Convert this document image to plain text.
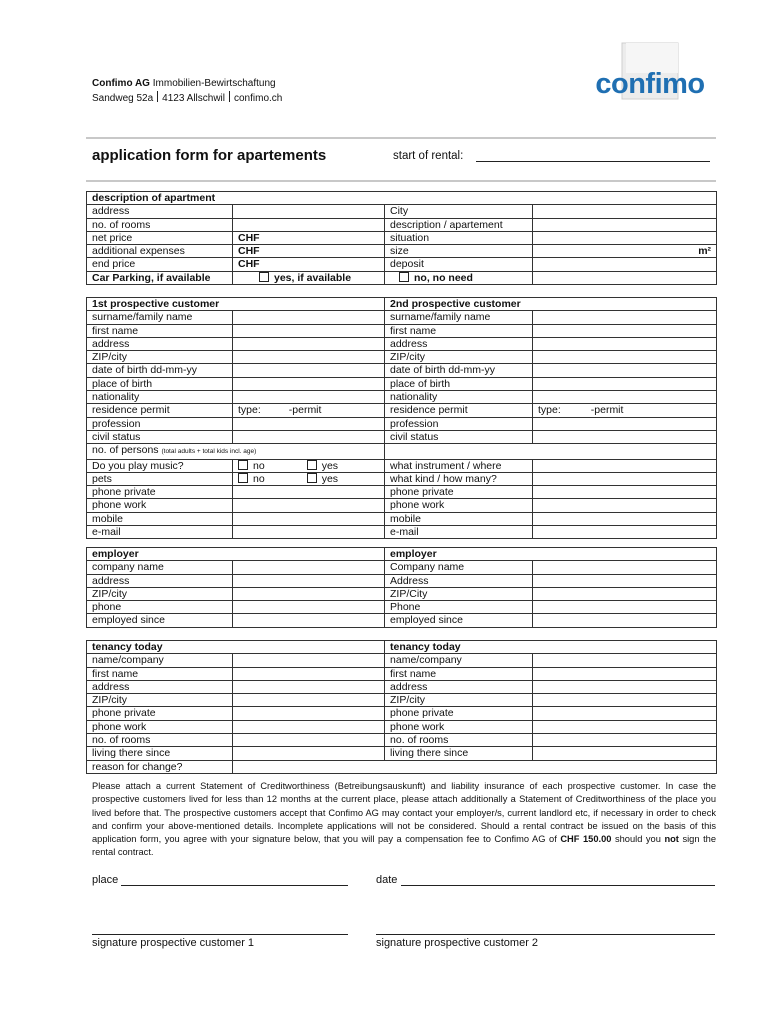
Confimo AG Immobilien-Bewirtschaftung
Sandweg 52a 4123 Allschwil confimo.ch	confimo
application form for apartements	start of rental:
description of apartment			
address		City	
no. of rooms		description / apartement	
net price	CHF	situation	
additional expenses	CHF	size	m²
end price	CHF	deposit	
Car Parking, if available	yes, if available	no, no need	
1st prospective customer		2nd prospective customer	
surname/family name		surname/family name	
first name		first name	
address		address	
ZIP/city		ZIP/city	
date of birth dd-mm-yy		date of birth dd-mm-yy	
place of birth		place of birth	
nationality		nationality	
residence permit	type: -permit	residence permit	type: -permit
profession		profession	
civil status		civil status	
no. of persons (total adults + total kids incl. age)			
Do you play music?	no yes	what instrument / where	
pets	no yes	what kind / how many?	
phone private		phone private	
phone work		phone work	
mobile		mobile	
e-mail		e-mail	
employer		employer	
company name		Company name	
address		Address	
ZIP/city		ZIP/City	
phone		Phone	
employed since		employed since	
tenancy today		tenancy today	
name/company		name/company	
first name		first name	
address		address	
ZIP/city		ZIP/city	
phone private		phone private	
phone work		phone work	
no. of rooms		no. of rooms	
living there since		living there since	
reason for change?			
Please attach a current Statement of Creditworthiness (Betreibungsauskunft) and liability insurance of each prospective customer. In case the prospective customers lived for less than 12 months at the current place, please attach additionally a Statement of Creditworthiness of the place you lived before that. The prospective customers accept that Confimo AG may contact your employer/s, current landlord etc, if necessary in order to check and confirm your above-mentioned details. Incomplete applications will not be considered. Should a rental contract be issued on the basis of this application form, you agree with your signature below, that you will pay a compensation fee to Confimo AG of CHF 150.00 should you not sign the rental contract.
place	date
signature prospective customer 1	signature prospective customer 2
